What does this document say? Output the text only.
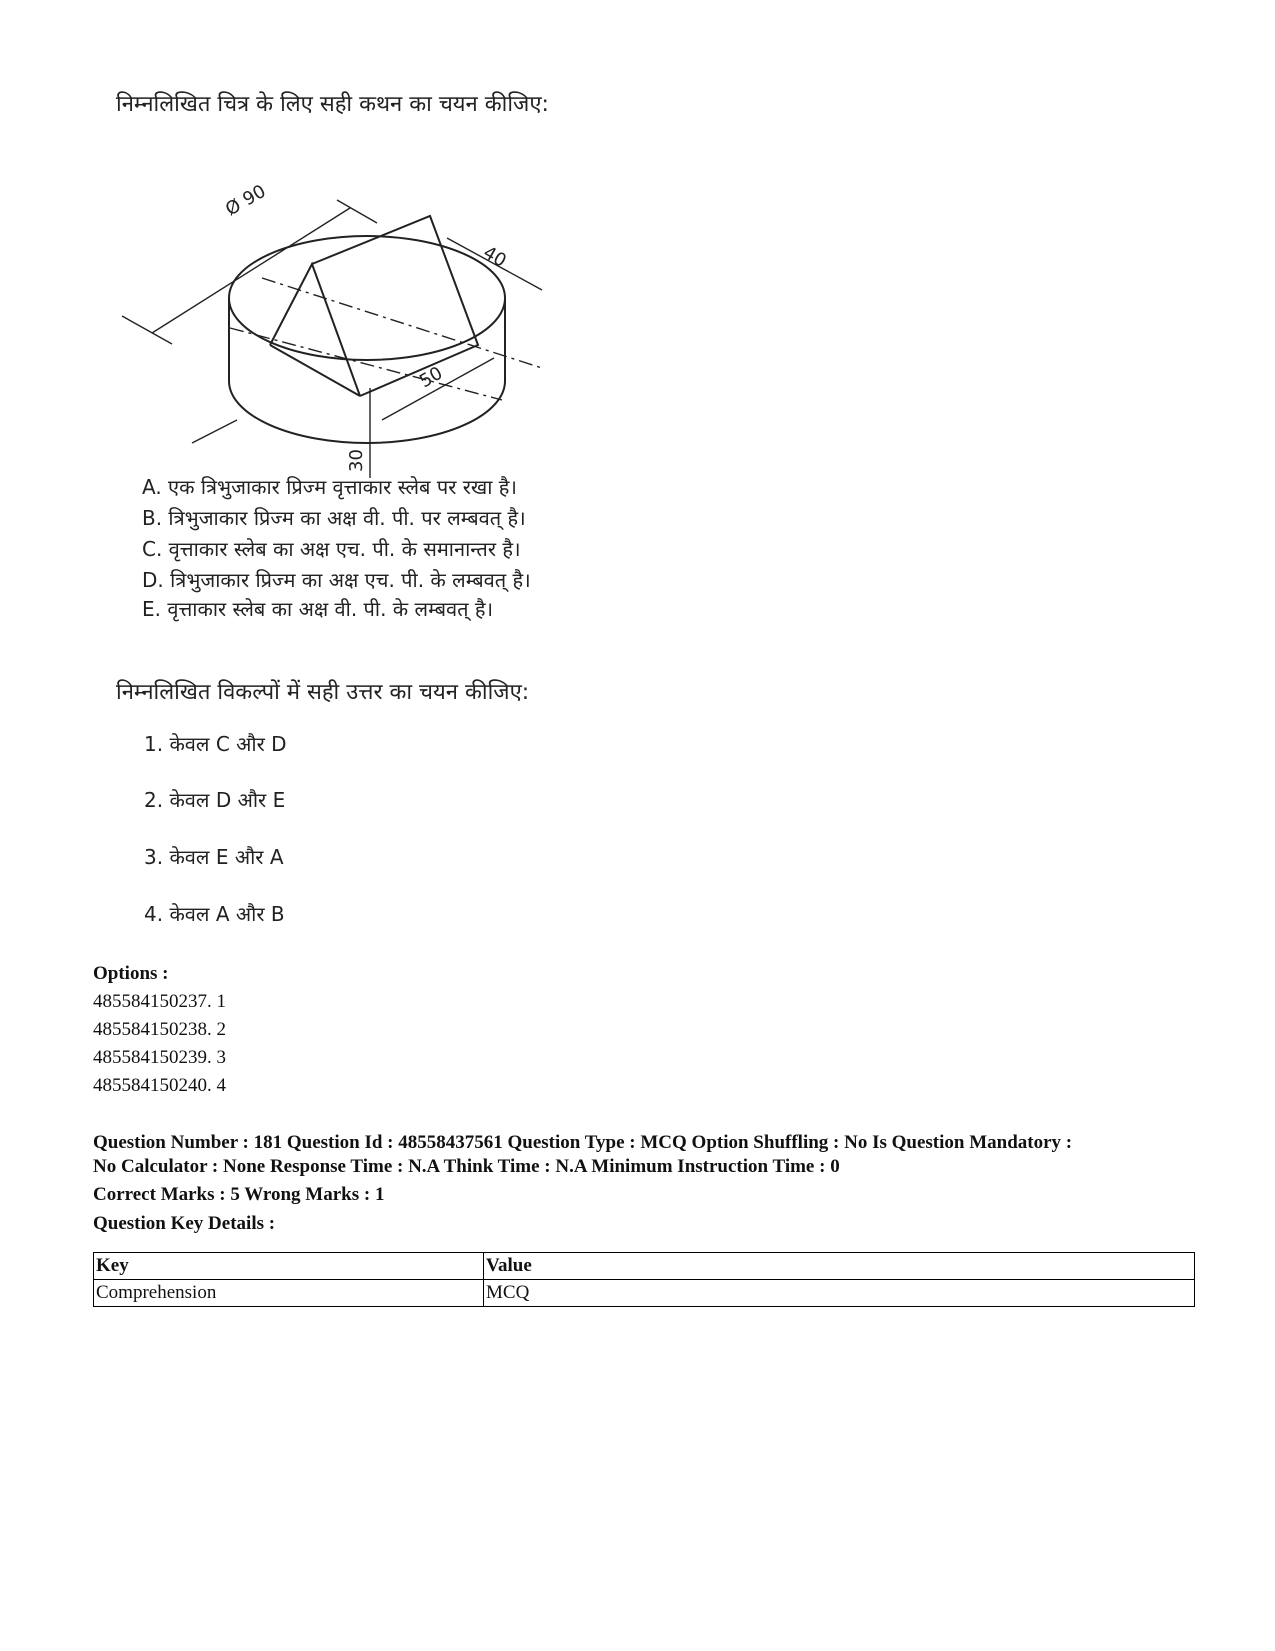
निम्नलिखित चित्र के लिए सही कथन का चयन कीजिए:
Ø 90
40
50
30
A. एक त्रिभुजाकार प्रिज्म वृत्ताकार स्लेब पर रखा है।
B. त्रिभुजाकार प्रिज्म का अक्ष वी. पी. पर लम्बवत् है।
C. वृत्ताकार स्लेब का अक्ष एच. पी. के समानान्तर है।
D. त्रिभुजाकार प्रिज्म का अक्ष एच. पी. के लम्बवत् है।
E. वृत्ताकार स्लेब का अक्ष वी. पी. के लम्बवत् है।
निम्नलिखित विकल्पों में सही उत्तर का चयन कीजिए:
1. केवल C और D
2. केवल D और E
3. केवल E और A
4. केवल A और B
Options :
485584150237. 1
485584150238. 2
485584150239. 3
485584150240. 4
Question Number : 181 Question Id : 48558437561 Question Type : MCQ Option Shuffling : No Is Question Mandatory :
No Calculator : None Response Time : N.A Think Time : N.A Minimum Instruction Time : 0
Correct Marks : 5 Wrong Marks : 1
Question Key Details :
Key	Value
Comprehension	MCQ
